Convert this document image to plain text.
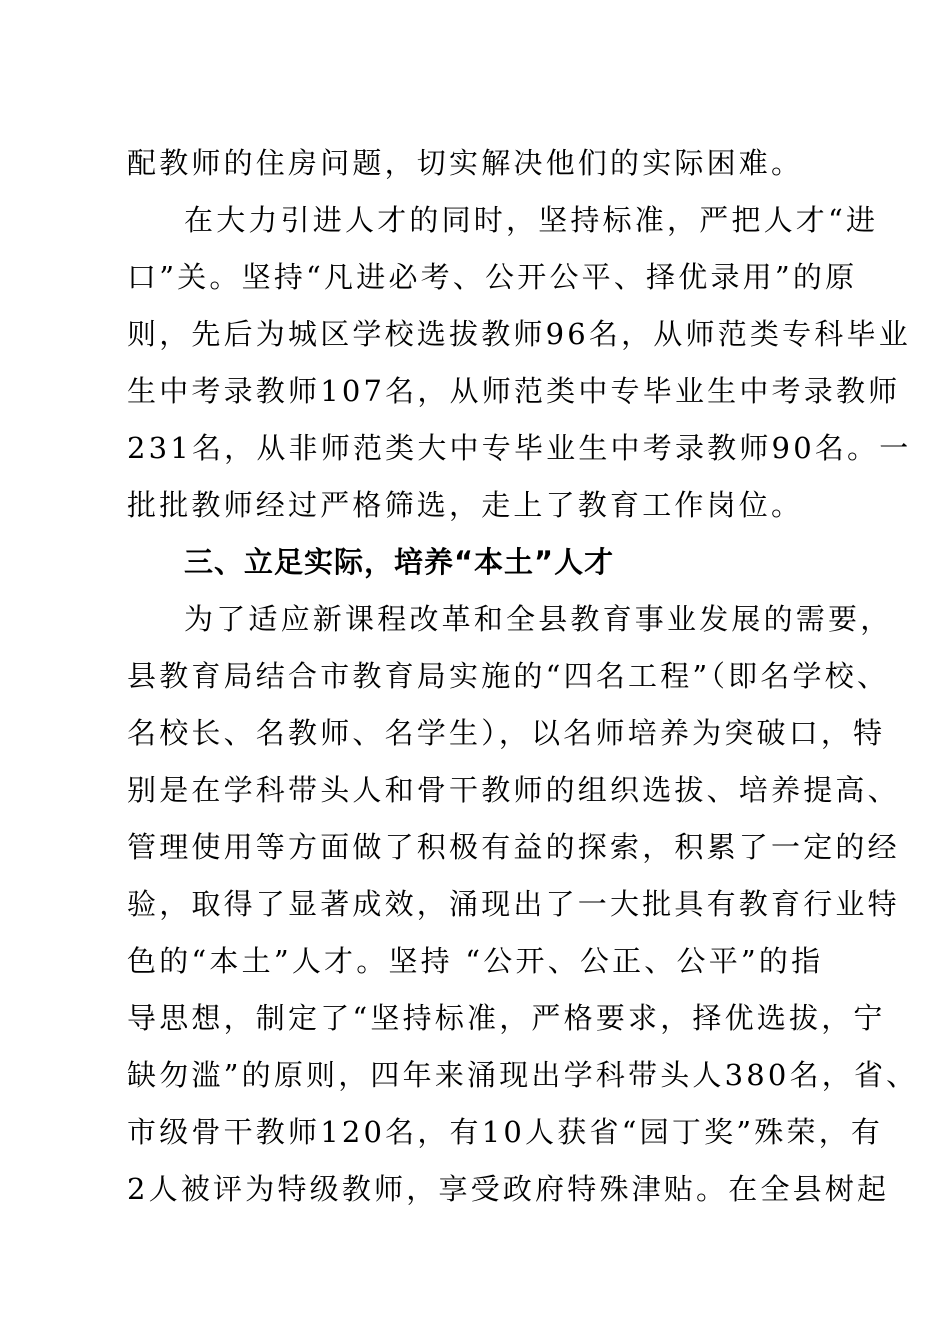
配教师的住房问题，切实解决他们的实际困难。
在大力引进人才的同时，坚持标准，严把人才“进
口”关。坚持“凡进必考、公开公平、择优录用”的原
则，先后为城区学校选拔教师96名，从师范类专科毕业
生中考录教师107名，从师范类中专毕业生中考录教师
231名，从非师范类大中专毕业生中考录教师90名。一
批批教师经过严格筛选，走上了教育工作岗位。
三、立足实际，培养“本土”人才
为了适应新课程改革和全县教育事业发展的需要，
县教育局结合市教育局实施的“四名工程”（即名学校、
名校长、名教师、名学生），以名师培养为突破口，特
别是在学科带头人和骨干教师的组织选拔、培养提高、
管理使用等方面做了积极有益的探索，积累了一定的经
验，取得了显著成效，涌现出了一大批具有教育行业特
色的“本土”人才。坚持 “公开、公正、公平”的指
导思想，制定了“坚持标准，严格要求，择优选拔，宁
缺勿滥”的原则，四年来涌现出学科带头人380名，省、
市级骨干教师120名，有10人获省“园丁奖”殊荣，有
2人被评为特级教师，享受政府特殊津贴。在全县树起
